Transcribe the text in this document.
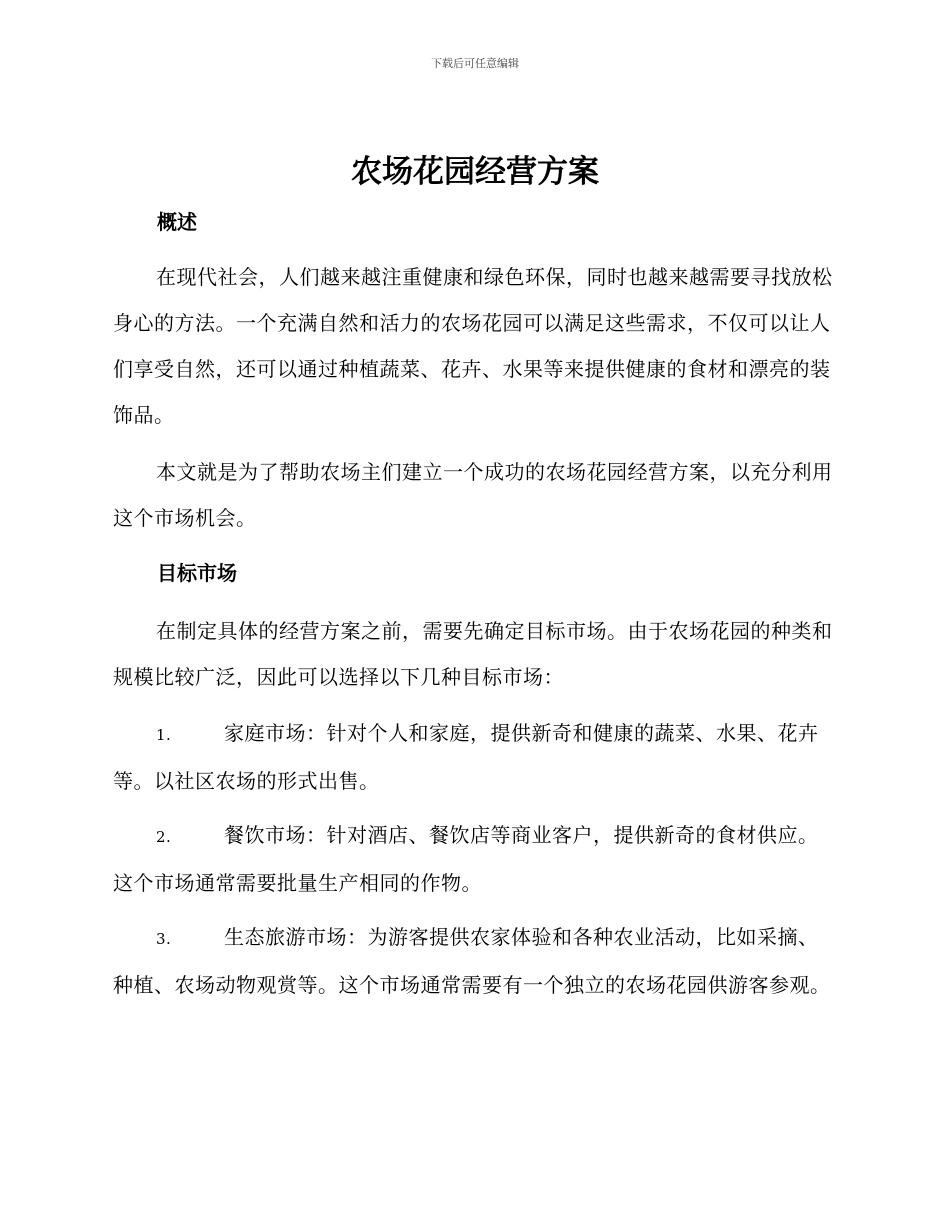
下载后可任意编辑
农场花园经营方案
概述

在现代社会，人们越来越注重健康和绿色环保，同时也越来越需要寻找放松身心的方法。一个充满自然和活力的农场花园可以满足这些需求，不仅可以让人们享受自然，还可以通过种植蔬菜、花卉、水果等来提供健康的食材和漂亮的装饰品。

本文就是为了帮助农场主们建立一个成功的农场花园经营方案，以充分利用这个市场机会。

目标市场

在制定具体的经营方案之前，需要先确定目标市场。由于农场花园的种类和规模比较广泛，因此可以选择以下几种目标市场：

1.	家庭市场：针对个人和家庭，提供新奇和健康的蔬菜、水果、花卉等。以社区农场的形式出售。

2.	餐饮市场：针对酒店、餐饮店等商业客户，提供新奇的食材供应。这个市场通常需要批量生产相同的作物。

3.	生态旅游市场：为游客提供农家体验和各种农业活动，比如采摘、种植、农场动物观赏等。这个市场通常需要有一个独立的农场花园供游客参观。
